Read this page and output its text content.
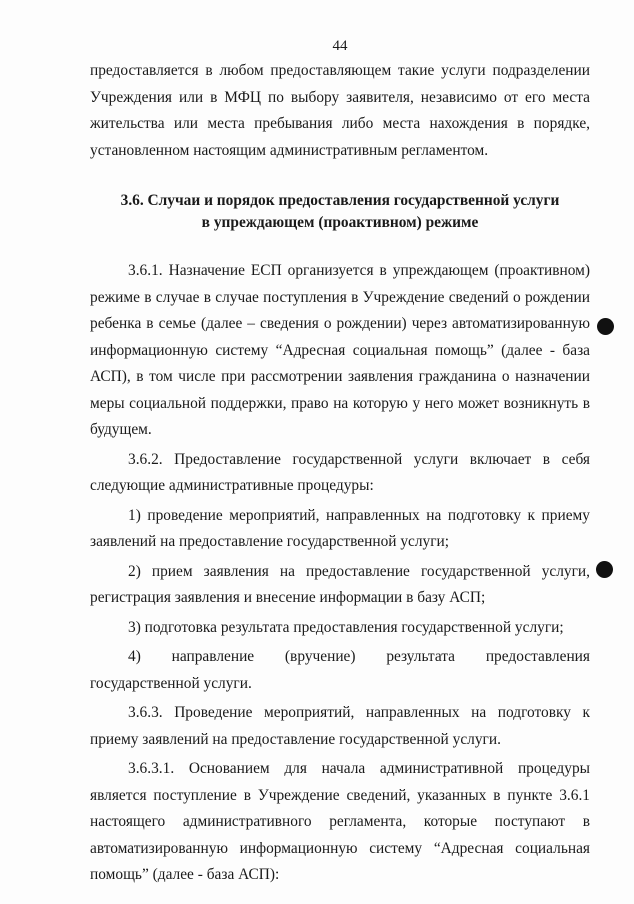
44

предоставляется в любом предоставляющем такие услуги подразделении Учреждения или в МФЦ по выбору заявителя, независимо от его места жительства или места пребывания либо места нахождения в порядке, установленном настоящим административным регламентом.

3.6. Случаи и порядок предоставления государственной услуги
в упреждающем (проактивном) режиме

3.6.1. Назначение ЕСП организуется в упреждающем (проактивном) режиме в случае в случае поступления в Учреждение сведений о рождении ребенка в семье (далее – сведения о рождении) через автоматизированную информационную систему “Адресная социальная помощь” (далее - база АСП), в том числе при рассмотрении заявления гражданина о назначении меры социальной поддержки, право на которую у него может возникнуть в будущем.

3.6.2. Предоставление государственной услуги включает в себя следующие административные процедуры:

1) проведение мероприятий, направленных на подготовку к приему заявлений на предоставление государственной услуги;

2) прием заявления на предоставление государственной услуги, регистрация заявления и внесение информации в базу АСП;

3) подготовка результата предоставления государственной услуги;

4) направление (вручение) результата предоставления государственной услуги.

3.6.3. Проведение мероприятий, направленных на подготовку к приему заявлений на предоставление государственной услуги.

3.6.3.1. Основанием для начала административной процедуры является поступление в Учреждение сведений, указанных в пункте 3.6.1 настоящего административного регламента, которые поступают в автоматизированную информационную систему “Адресная социальная помощь” (далее - база АСП):
